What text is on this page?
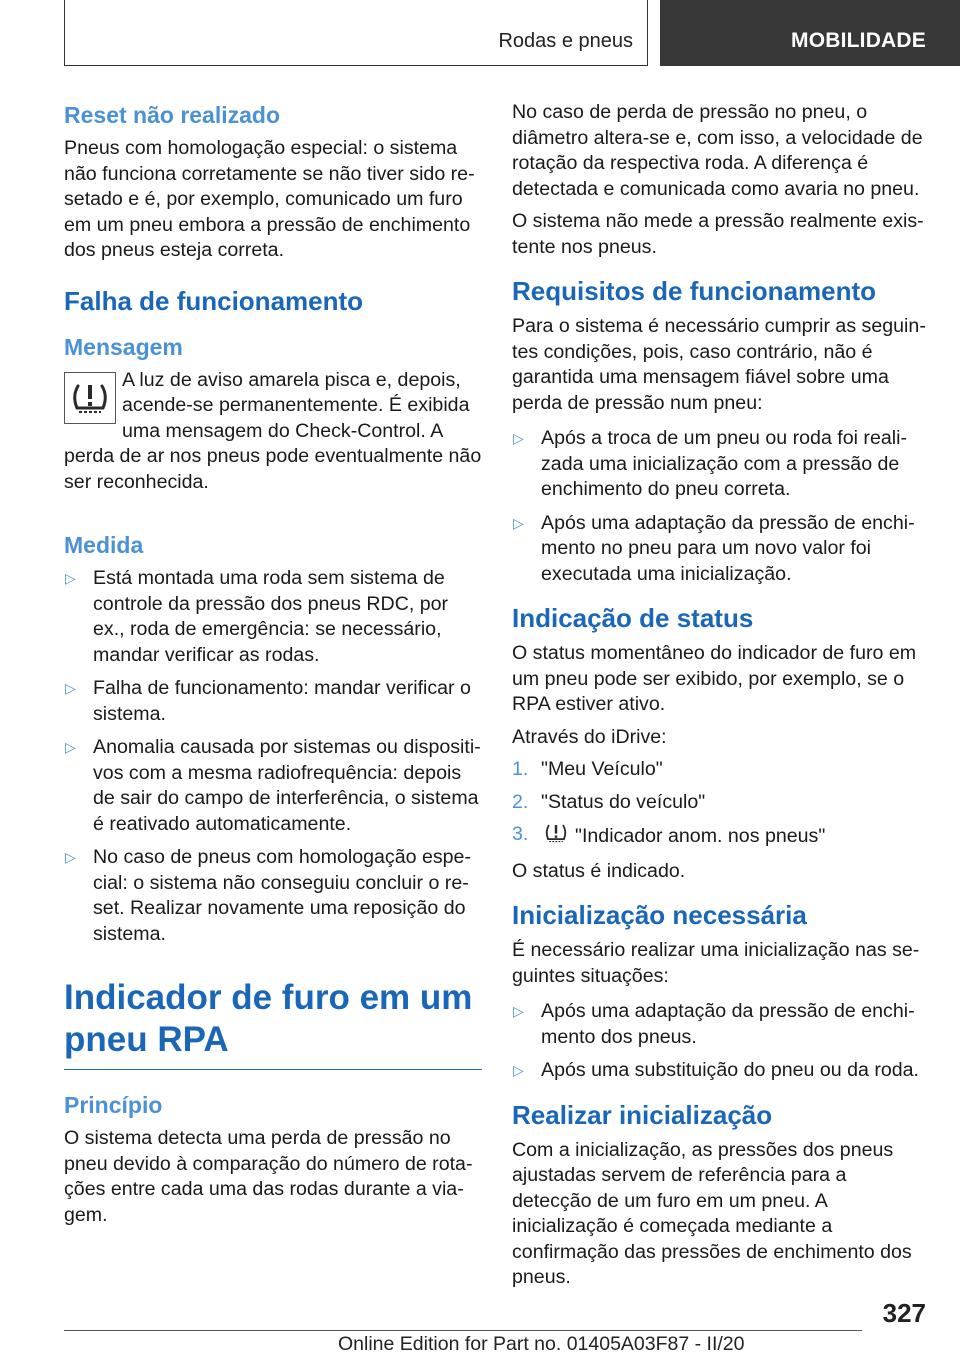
Rodas e pneus	MOBILIDADE
Reset não realizado

Pneus com homologação especial: o sistema não funciona corretamente se não tiver sido resetado e é, por exemplo, comunicado um furo em um pneu embora a pressão de enchimento dos pneus esteja correta.

Falha de funcionamento
Mensagem

A luz de aviso amarela pisca e, depois, acende-se permanentemente. É exibida uma mensagem do Check-Control. A perda de ar nos pneus pode eventualmente não ser reconhecida.

Medida
▷ Está montada uma roda sem sistema de controle da pressão dos pneus RDC, por ex., roda de emergência: se necessário, mandar verificar as rodas.
▷ Falha de funcionamento: mandar verificar o sistema.
▷ Anomalia causada por sistemas ou dispositivos com a mesma radiofrequência: depois de sair do campo de interferência, o sistema é reativado automaticamente.
▷ No caso de pneus com homologação especial: o sistema não conseguiu concluir o reset. Realizar novamente uma reposição do sistema.
Indicador de furo em um pneu RPA
Princípio

O sistema detecta uma perda de pressão no pneu devido à comparação do número de rotações entre cada uma das rodas durante a viagem.

No caso de perda de pressão no pneu, o diâmetro altera-se e, com isso, a velocidade de rotação da respectiva roda. A diferença é detectada e comunicada como avaria no pneu.

O sistema não mede a pressão realmente existente nos pneus.

Requisitos de funcionamento

Para o sistema é necessário cumprir as seguintes condições, pois, caso contrário, não é garantida uma mensagem fiável sobre uma perda de pressão num pneu:

▷ Após a troca de um pneu ou roda foi realizada uma inicialização com a pressão de enchimento do pneu correta.
▷ Após uma adaptação da pressão de enchimento no pneu para um novo valor foi executada uma inicialização.
Indicação de status

O status momentâneo do indicador de furo em um pneu pode ser exibido, por exemplo, se o RPA estiver ativo.

Através do iDrive:

1. "Meu Veículo"
2. "Status do veículo"
3. "Indicador anom. nos pneus"

O status é indicado.

Inicialização necessária

É necessário realizar uma inicialização nas seguintes situações:

▷ Após uma adaptação da pressão de enchimento dos pneus.
▷ Após uma substituição do pneu ou da roda.
Realizar inicialização

Com a inicialização, as pressões dos pneus ajustadas servem de referência para a detecção de um furo em um pneu. A inicialização é começada mediante a confirmação das pressões de enchimento dos pneus.

327
Online Edition for Part no. 01405A03F87 - II/20
